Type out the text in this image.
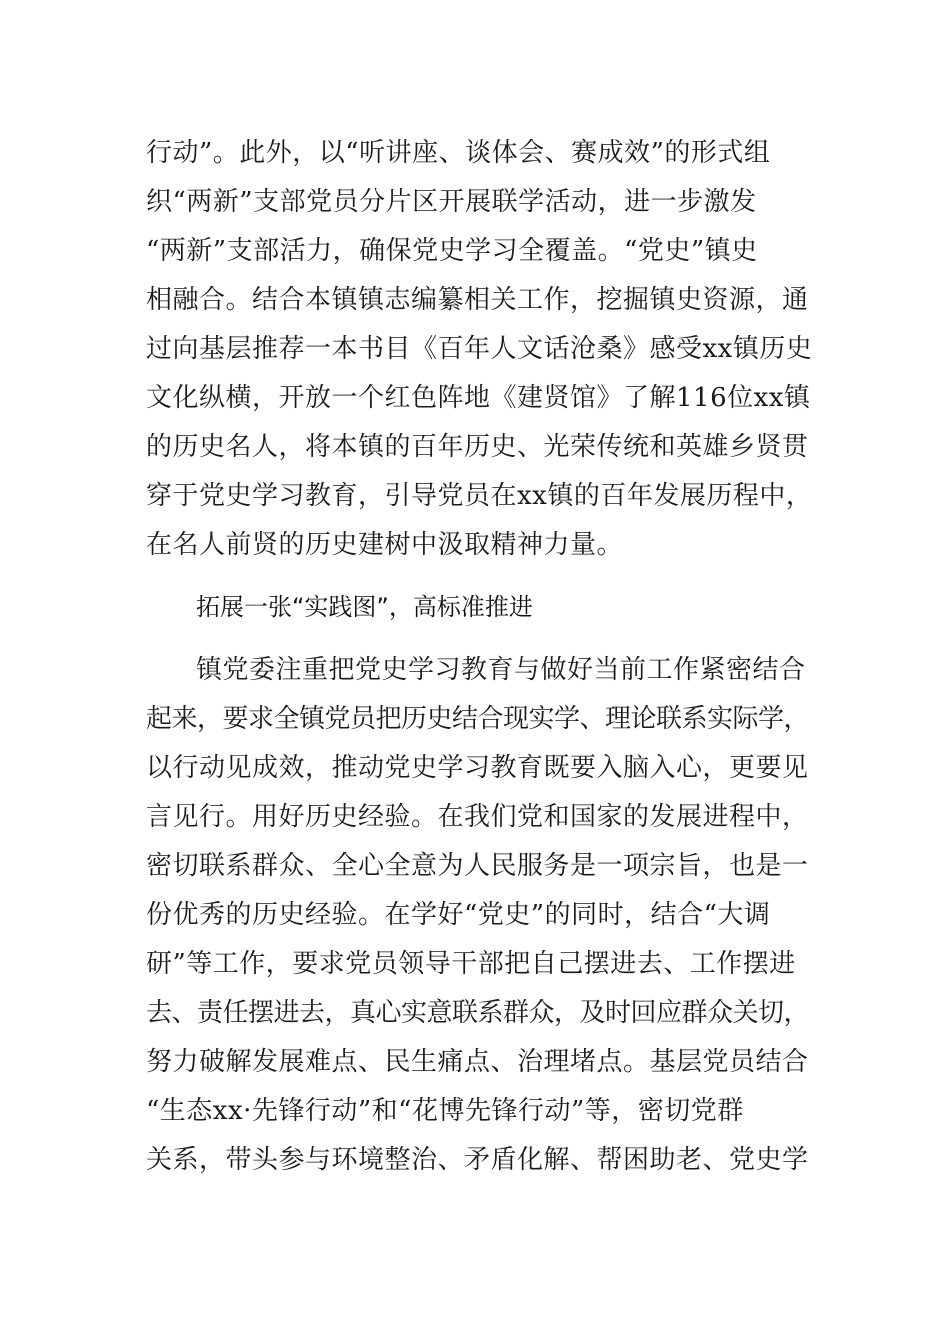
行动”。此外，以“听讲座、谈体会、赛成效”的形式组
织“两新”支部党员分片区开展联学活动，进一步激发
“两新”支部活力，确保党史学习全覆盖。“党史”镇史
相融合。结合本镇镇志编纂相关工作，挖掘镇史资源，通
过向基层推荐一本书目《百年人文话沧桑》感受xx镇历史
文化纵横，开放一个红色阵地《建贤馆》了解116位xx镇
的历史名人，将本镇的百年历史、光荣传统和英雄乡贤贯
穿于党史学习教育，引导党员在xx镇的百年发展历程中，
在名人前贤的历史建树中汲取精神力量。
拓展一张“实践图”，高标准推进
镇党委注重把党史学习教育与做好当前工作紧密结合
起来，要求全镇党员把历史结合现实学、理论联系实际学，
以行动见成效，推动党史学习教育既要入脑入心，更要见
言见行。用好历史经验。在我们党和国家的发展进程中，
密切联系群众、全心全意为人民服务是一项宗旨，也是一
份优秀的历史经验。在学好“党史”的同时，结合“大调
研”等工作，要求党员领导干部把自己摆进去、工作摆进
去、责任摆进去，真心实意联系群众，及时回应群众关切，
努力破解发展难点、民生痛点、治理堵点。基层党员结合
“生态xx·先锋行动”和“花博先锋行动”等，密切党群
关系，带头参与环境整治、矛盾化解、帮困助老、党史学
